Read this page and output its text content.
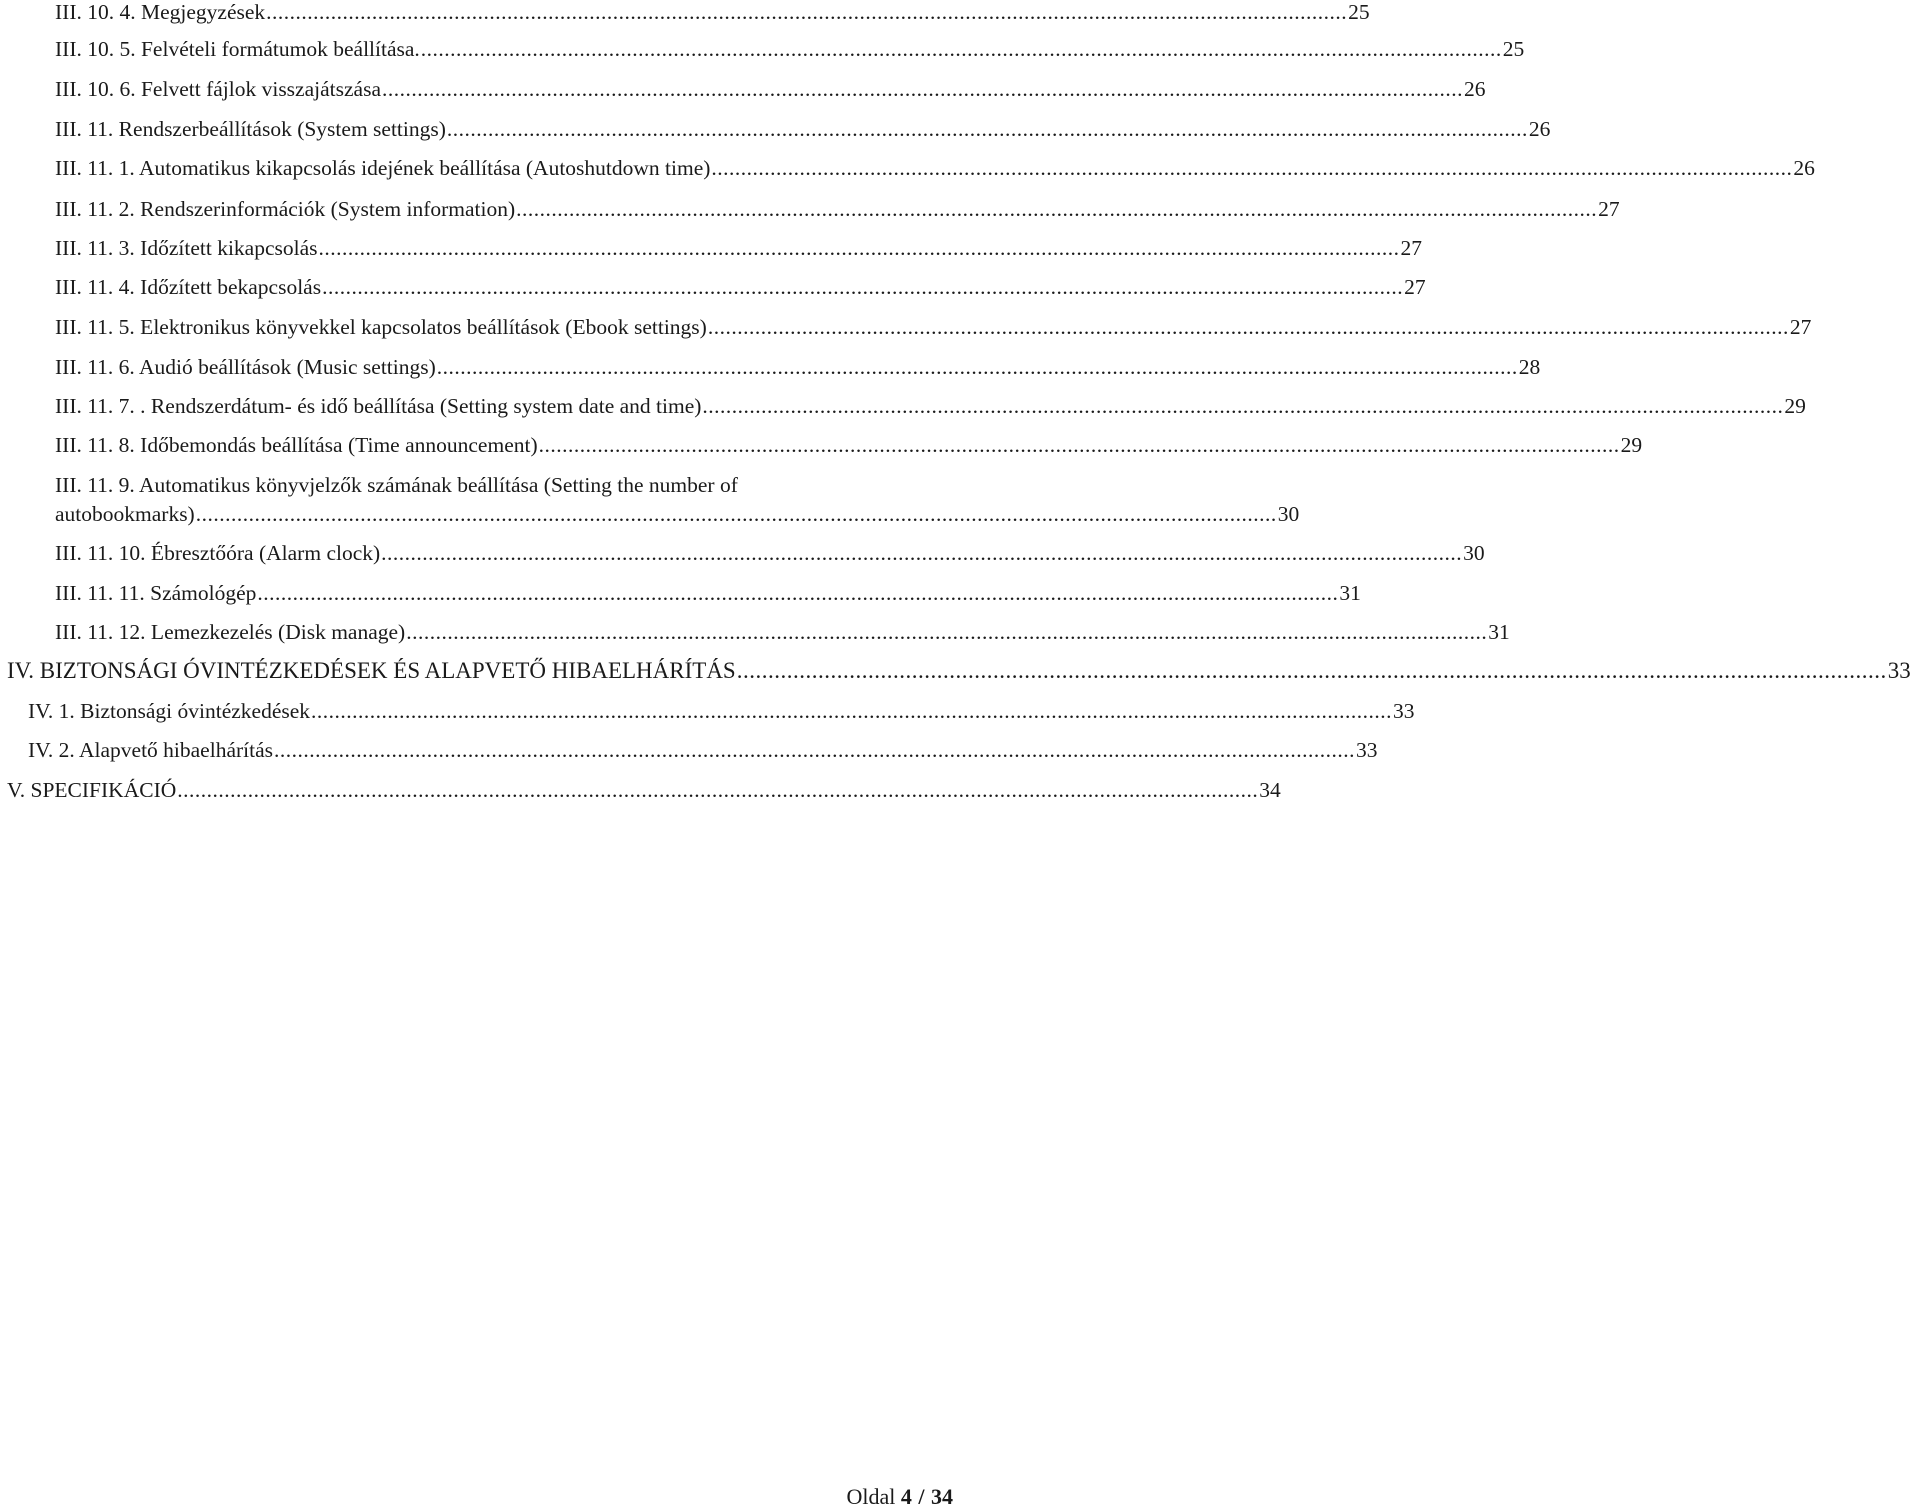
III. 10. 4. Megjegyzések ........................................................................................................................................................................................ 25
III. 10. 5. Felvételi formátumok beállítása. ........................................................................................................................................................................................ 25
III. 10. 6. Felvett fájlok visszajátszása ........................................................................................................................................................................................ 26
III. 11. Rendszerbeállítások (System settings) ........................................................................................................................................................................................ 26
III. 11. 1. Automatikus kikapcsolás idejének beállítása (Autoshutdown time) ........................................................................................................................................................................................ 26
III. 11. 2. Rendszerinformációk (System information) ........................................................................................................................................................................................ 27
III. 11. 3. Időzített kikapcsolás ........................................................................................................................................................................................ 27
III. 11. 4. Időzített bekapcsolás ........................................................................................................................................................................................ 27
III. 11. 5. Elektronikus könyvekkel kapcsolatos beállítások (Ebook settings) ........................................................................................................................................................................................ 27
III. 11. 6. Audió beállítások (Music settings) ........................................................................................................................................................................................ 28
III. 11. 7. . Rendszerdátum- és idő beállítása (Setting system date and time) ........................................................................................................................................................................................ 29
III. 11. 8. Időbemondás beállítása (Time announcement) ........................................................................................................................................................................................ 29
III. 11. 9. Automatikus könyvjelzők számának beállítása (Setting the number of
autobookmarks) ........................................................................................................................................................................................ 30
III. 11. 10. Ébresztőóra (Alarm clock) ........................................................................................................................................................................................ 30
III. 11. 11. Számológép ........................................................................................................................................................................................ 31
III. 11. 12. Lemezkezelés (Disk manage) ........................................................................................................................................................................................ 31
IV. BIZTONSÁGI ÓVINTÉZKEDÉSEK ÉS ALAPVETŐ HIBAELHÁRÍTÁS ........................................................................................................................................................................................ 33
IV. 1. Biztonsági óvintézkedések ........................................................................................................................................................................................ 33
IV. 2. Alapvető hibaelhárítás ........................................................................................................................................................................................ 33
V. SPECIFIKÁCIÓ ........................................................................................................................................................................................ 34
Oldal 4 / 34
